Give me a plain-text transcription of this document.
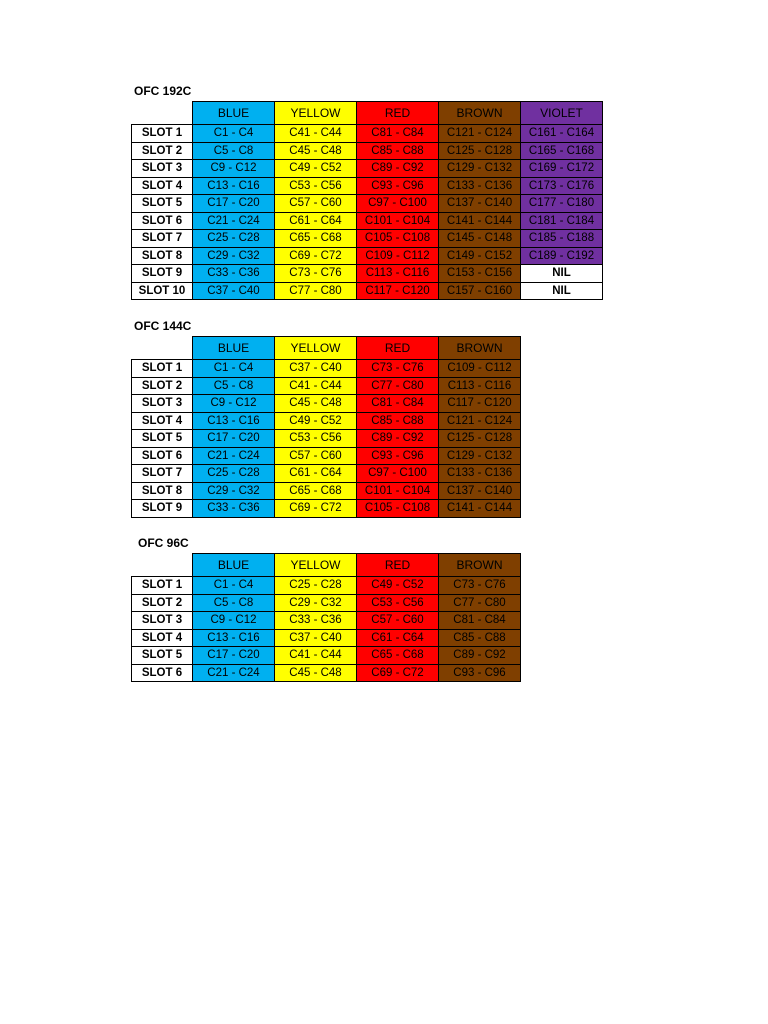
OFC 192C
	BLUE	YELLOW	RED	BROWN	VIOLET
SLOT 1	C1 - C4	C41 - C44	C81 - C84	C121 - C124	C161 - C164
SLOT 2	C5 - C8	C45 - C48	C85 - C88	C125 - C128	C165 - C168
SLOT 3	C9 - C12	C49 - C52	C89 - C92	C129 - C132	C169 - C172
SLOT 4	C13 - C16	C53 - C56	C93 - C96	C133 - C136	C173 - C176
SLOT 5	C17 - C20	C57 - C60	C97 - C100	C137 - C140	C177 - C180
SLOT 6	C21 - C24	C61 - C64	C101 - C104	C141 - C144	C181 - C184
SLOT 7	C25 - C28	C65 - C68	C105 - C108	C145 - C148	C185 - C188
SLOT 8	C29 - C32	C69 - C72	C109 - C112	C149 - C152	C189 - C192
SLOT 9	C33 - C36	C73 - C76	C113 - C116	C153 - C156	NIL
SLOT 10	C37 - C40	C77 - C80	C117 - C120	C157 - C160	NIL
OFC 144C
	BLUE	YELLOW	RED	BROWN
SLOT 1	C1 - C4	C37 - C40	C73 - C76	C109 - C112
SLOT 2	C5 - C8	C41 - C44	C77 - C80	C113 - C116
SLOT 3	C9 - C12	C45 - C48	C81 - C84	C117 - C120
SLOT 4	C13 - C16	C49 - C52	C85 - C88	C121 - C124
SLOT 5	C17 - C20	C53 - C56	C89 - C92	C125 - C128
SLOT 6	C21 - C24	C57 - C60	C93 - C96	C129 - C132
SLOT 7	C25 - C28	C61 - C64	C97 - C100	C133 - C136
SLOT 8	C29 - C32	C65 - C68	C101 - C104	C137 - C140
SLOT 9	C33 - C36	C69 - C72	C105 - C108	C141 - C144
OFC 96C
	BLUE	YELLOW	RED	BROWN
SLOT 1	C1 - C4	C25 - C28	C49 - C52	C73 - C76
SLOT 2	C5 - C8	C29 - C32	C53 - C56	C77 - C80
SLOT 3	C9 - C12	C33 - C36	C57 - C60	C81 - C84
SLOT 4	C13 - C16	C37 - C40	C61 - C64	C85 - C88
SLOT 5	C17 - C20	C41 - C44	C65 - C68	C89 - C92
SLOT 6	C21 - C24	C45 - C48	C69 - C72	C93 - C96
